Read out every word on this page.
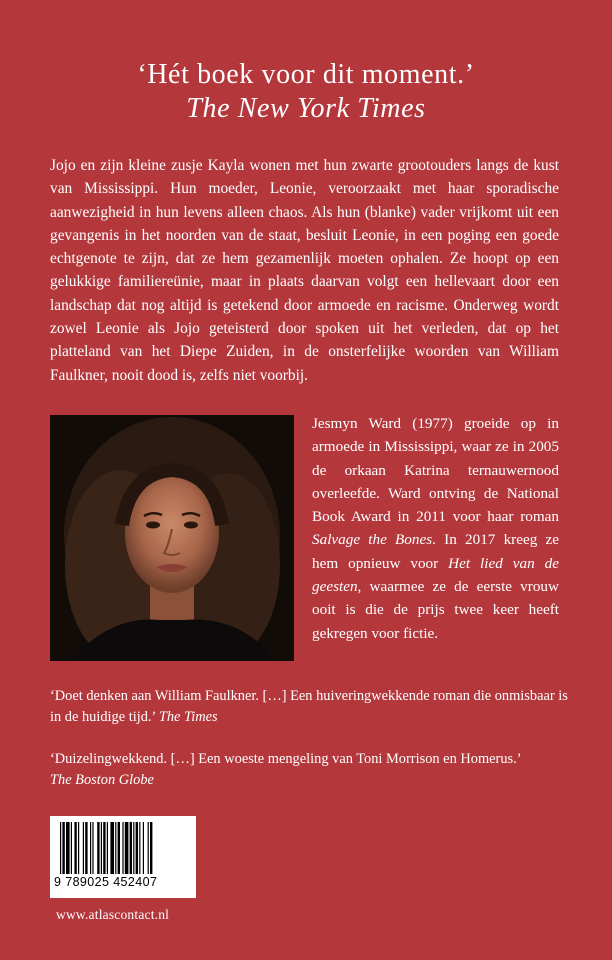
‘Hét boek voor dit moment.’
The New York Times

Jojo en zijn kleine zusje Kayla wonen met hun zwarte grootouders langs de kust van Mississippi. Hun moeder, Leonie, veroorzaakt met haar sporadische aanwezigheid in hun levens alleen chaos. Als hun (blanke) vader vrijkomt uit een gevangenis in het noorden van de staat, besluit Leonie, in een poging een goede echtgenote te zijn, dat ze hem gezamenlijk moeten ophalen. Ze hoopt op een gelukkige familiereünie, maar in plaats daarvan volgt een hellevaart door een landschap dat nog altijd is getekend door armoede en racisme. Onderweg wordt zowel Leonie als Jojo geteisterd door spoken uit het verleden, dat op het platteland van het Diepe Zuiden, in de onsterfelijke woorden van William Faulkner, nooit dood is, zelfs niet voorbij.

Jesmyn Ward (1977) groeide op in armoede in Mississippi, waar ze in 2005 de orkaan Katrina ternauwernood overleefde. Ward ontving de National Book Award in 2011 voor haar roman Salvage the Bones. In 2017 kreeg ze hem opnieuw voor Het lied van de geesten, waarmee ze de eerste vrouw ooit is die de prijs twee keer heeft gekregen voor fictie.

‘Doet denken aan William Faulkner. […] Een huiveringwekkende roman die onmisbaar is in de huidige tijd.’ The Times

‘Duizelingwekkend. […] Een woeste mengeling van Toni Morrison en Homerus.’
The Boston Globe

9 789025 452407
www.atlascontact.nl
